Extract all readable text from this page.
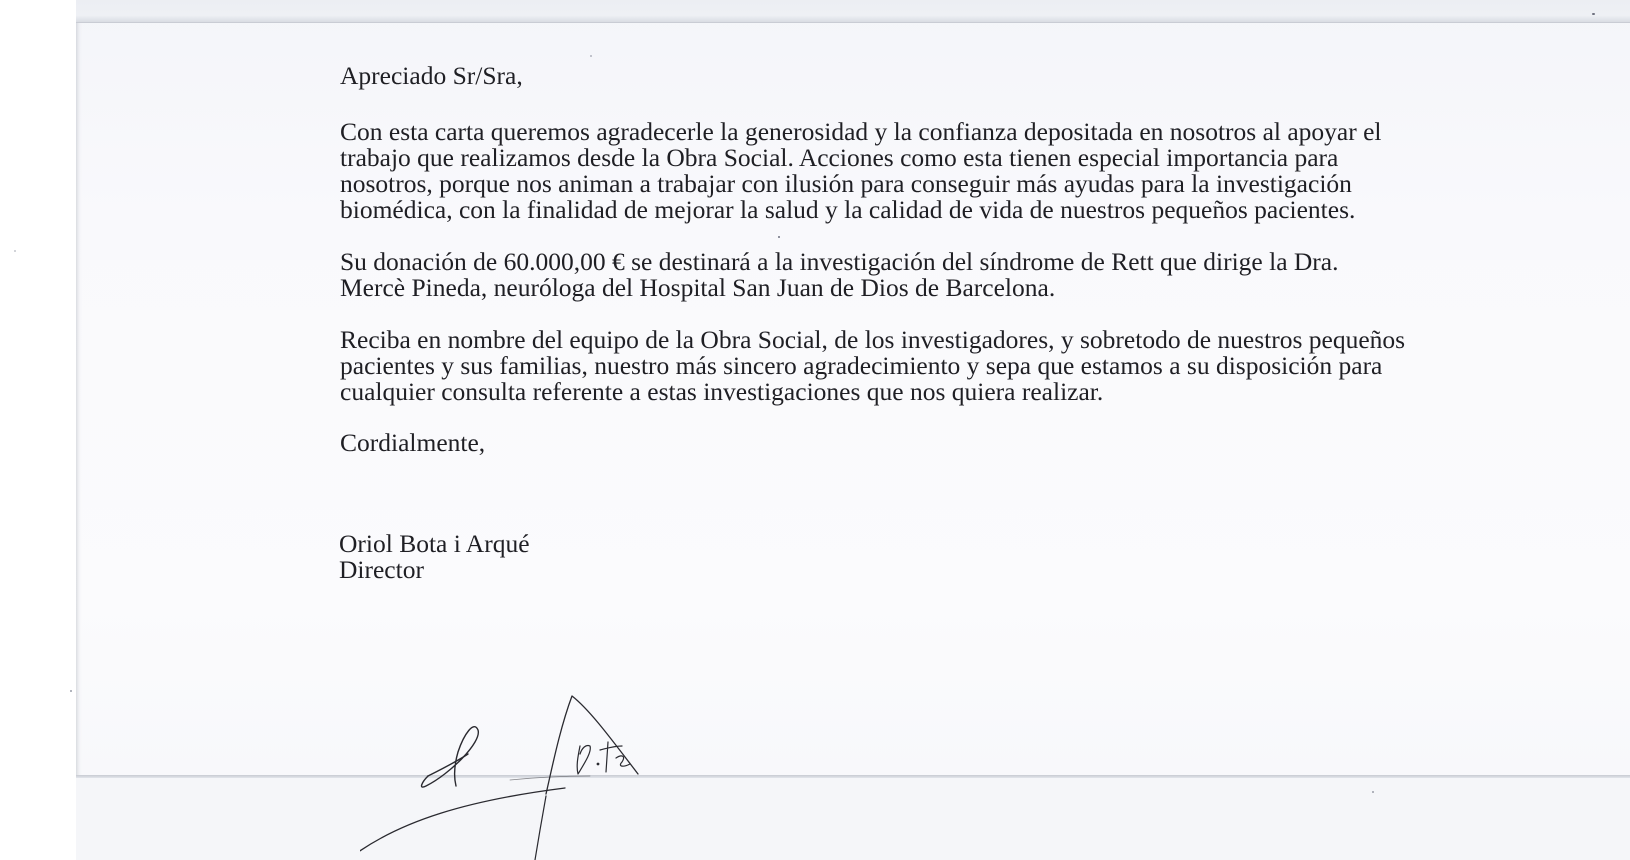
Apreciado Sr/Sra,

Con esta carta queremos agradecerle la generosidad y la confianza depositada en nosotros al apoyar el
trabajo que realizamos desde la Obra Social. Acciones como esta tienen especial importancia para
nosotros, porque nos animan a trabajar con ilusión para conseguir más ayudas para la investigación
biomédica, con la finalidad de mejorar la salud y la calidad de vida de nuestros pequeños pacientes.

Su donación de 60.000,00 € se destinará a la investigación del síndrome de Rett que dirige la Dra.
Mercè Pineda, neuróloga del Hospital San Juan de Dios de Barcelona.

Reciba en nombre del equipo de la Obra Social, de los investigadores, y sobretodo de nuestros pequeños
pacientes y sus familias, nuestro más sincero agradecimiento y sepa que estamos a su disposición para
cualquier consulta referente a estas investigaciones que nos quiera realizar.

Cordialmente,

Oriol Bota i Arqué

Director
